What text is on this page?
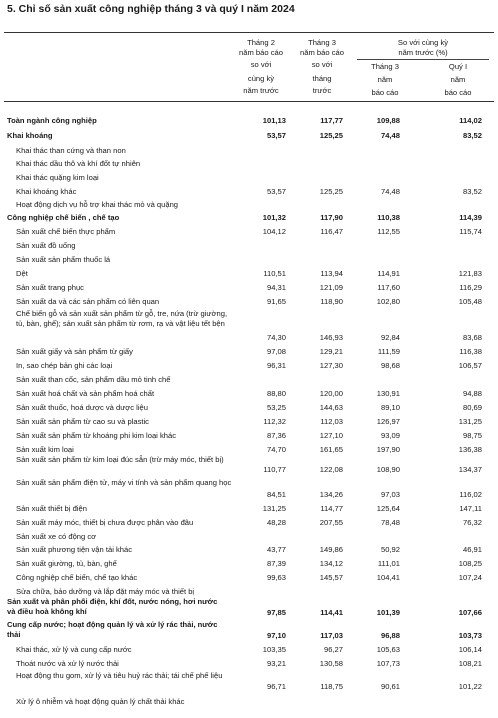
5. Chỉ số sản xuất công nghiệp tháng 3 và quý I năm 2024
Tháng 2
năm báo cáo
so với
cùng kỳ
năm trước
Tháng 3
năm báo cáo
so với
tháng
trước
So với cùng kỳ
năm trước (%)
Tháng 3
năm
báo cáo
Quý I
năm
báo cáo
Toàn ngành công nghiệp	101,13	117,77	109,88	114,02
Khai khoáng	53,57	125,25	74,48	83,52
Khai thác than cứng và than non
Khai thác dầu thô và khí đốt tự nhiên
Khai thác quặng kim loại
Khai khoáng khác	53,57	125,25	74,48	83,52
Hoạt động dịch vụ hỗ trợ khai thác mỏ và quặng
Công nghiệp chế biến , chế tạo	101,32	117,90	110,38	114,39
Sản xuất chế biến thực phẩm	104,12	116,47	112,55	115,74
Sản xuất đồ uống
Sản xuất sản phẩm thuốc lá
Dệt	110,51	113,94	114,91	121,83
Sản xuất trang phục	94,31	121,09	117,60	116,29
Sản xuất da và các sản phẩm có liên quan	91,65	118,90	102,80	105,48
Chế biến gỗ và sản xuất sản phẩm từ gỗ, tre, nứa (trừ giường, tủ, bàn, ghế); sản xuất sản phẩm từ rơm, rạ và vật liệu tết bện
74,30	146,93	92,84	83,68
Sản xuất giấy và sản phẩm từ giấy	97,08	129,21	111,59	116,38
In, sao chép bản ghi các loại	96,31	127,30	98,68	106,57
Sản xuất than cốc, sản phẩm dầu mỏ tinh chế
Sản xuất hoá chất và sản phẩm hoá chất	88,80	120,00	130,91	94,88
Sản xuất thuốc, hoá dược và dược liệu	53,25	144,63	89,10	80,69
Sản xuất sản phẩm từ cao su và plastic	112,32	112,03	126,97	131,25
Sản xuất sản phẩm từ khoáng phi kim loại khác	87,36	127,10	93,09	98,75
Sản xuất kim loại	74,70	161,65	197,90	136,38
Sản xuất sản phẩm từ kim loại đúc sẵn (trừ máy móc, thiết bị)
110,77	122,08	108,90	134,37
Sản xuất sản phẩm điện tử, máy vi tính và sản phẩm quang học
84,51	134,26	97,03	116,02
Sản xuất thiết bị điện	131,25	114,77	125,64	147,11
Sản xuất máy móc, thiết bị chưa được phân vào đâu	48,28	207,55	78,48	76,32
Sản xuất xe có động cơ
Sản xuất phương tiện vận tải khác	43,77	149,86	50,92	46,91
Sản xuất giường, tủ, bàn, ghế	87,39	134,12	111,01	108,25
Công nghiệp chế biến, chế tạo khác	99,63	145,57	104,41	107,24
Sửa chữa, bảo dưỡng và lắp đặt máy móc và thiết bị
Sản xuất và phân phối điện, khí đốt, nước nóng, hơi nước và điều hoà không khí	97,85	114,41	101,39	107,66
Cung cấp nước; hoạt động quản lý và xử lý rác thải, nước thải	97,10	117,03	96,88	103,73
Khai thác, xử lý và cung cấp nước	103,35	96,27	105,63	106,14
Thoát nước và xử lý nước thải	93,21	130,58	107,73	108,21
Hoạt động thu gom, xử lý và tiêu huỷ rác thải; tái chế phế liệu
96,71	118,75	90,61	101,22
Xử lý ô nhiễm và hoạt động quản lý chất thải khác
